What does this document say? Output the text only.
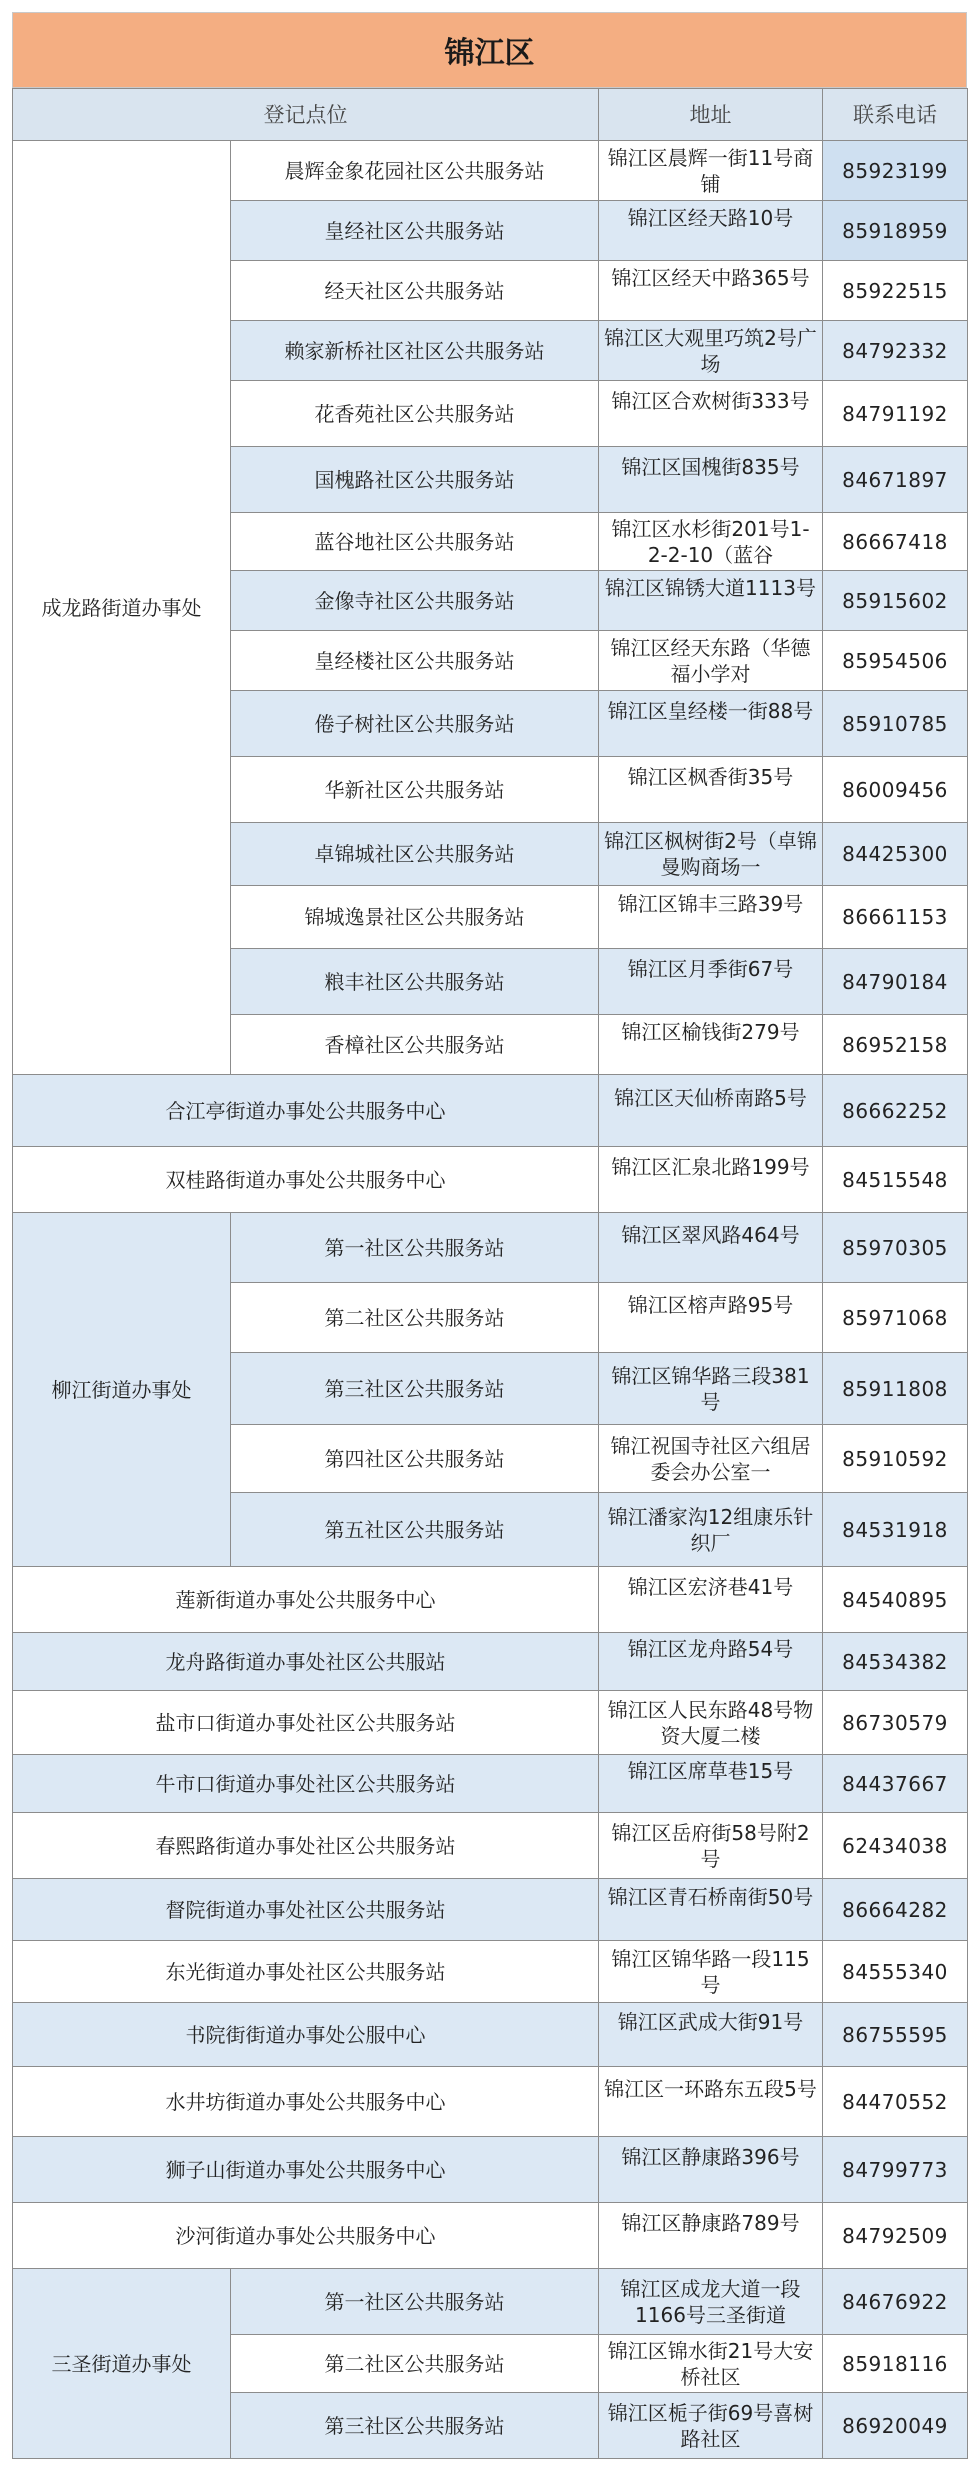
锦江区
登记点位		地址	联系电话
成龙路街道办事处	晨辉金象花园社区公共服务站	锦江区晨辉一街11号商铺	85923199
	皇经社区公共服务站	锦江区经天路10号	85918959
	经天社区公共服务站	锦江区经天中路365号	85922515
	赖家新桥社区社区公共服务站	锦江区大观里巧筑2号广场	84792332
	花香苑社区公共服务站	锦江区合欢树街333号	84791192
	国槐路社区公共服务站	锦江区国槐街835号	84671897
	蓝谷地社区公共服务站	锦江区水杉街201号1-2-2-10（蓝谷	86667418
	金像寺社区公共服务站	锦江区锦锈大道1113号	85915602
	皇经楼社区公共服务站	锦江区经天东路（华德福小学对	85954506
	倦子树社区公共服务站	锦江区皇经楼一街88号	85910785
	华新社区公共服务站	锦江区枫香街35号	86009456
	卓锦城社区公共服务站	锦江区枫树街2号（卓锦曼购商场一	84425300
	锦城逸景社区公共服务站	锦江区锦丰三路39号	86661153
	粮丰社区公共服务站	锦江区月季街67号	84790184
	香樟社区公共服务站	锦江区榆钱街279号	86952158
合江亭街道办事处公共服务中心		锦江区天仙桥南路5号	86662252
双桂路街道办事处公共服务中心		锦江区汇泉北路199号	84515548
柳江街道办事处	第一社区公共服务站	锦江区翠风路464号	85970305
	第二社区公共服务站	锦江区榕声路95号	85971068
	第三社区公共服务站	锦江区锦华路三段381号	85911808
	第四社区公共服务站	锦江祝国寺社区六组居委会办公室一	85910592
	第五社区公共服务站	锦江潘家沟12组康乐针织厂	84531918
莲新街道办事处公共服务中心		锦江区宏济巷41号	84540895
龙舟路街道办事处社区公共服站		锦江区龙舟路54号	84534382
盐市口街道办事处社区公共服务站		锦江区人民东路48号物资大厦二楼	86730579
牛市口街道办事处社区公共服务站		锦江区席草巷15号	84437667
春熙路街道办事处社区公共服务站		锦江区岳府街58号附2号	62434038
督院街道办事处社区公共服务站		锦江区青石桥南街50号	86664282
东光街道办事处社区公共服务站		锦江区锦华路一段115号	84555340
书院街街道办事处公服中心		锦江区武成大街91号	86755595
水井坊街道办事处公共服务中心		锦江区一环路东五段5号	84470552
狮子山街道办事处公共服务中心		锦江区静康路396号	84799773
沙河街道办事处公共服务中心		锦江区静康路789号	84792509
三圣街道办事处	第一社区公共服务站	锦江区成龙大道一段1166号三圣街道	84676922
	第二社区公共服务站	锦江区锦水街21号大安桥社区	85918116
	第三社区公共服务站	锦江区栀子街69号喜树路社区	86920049
